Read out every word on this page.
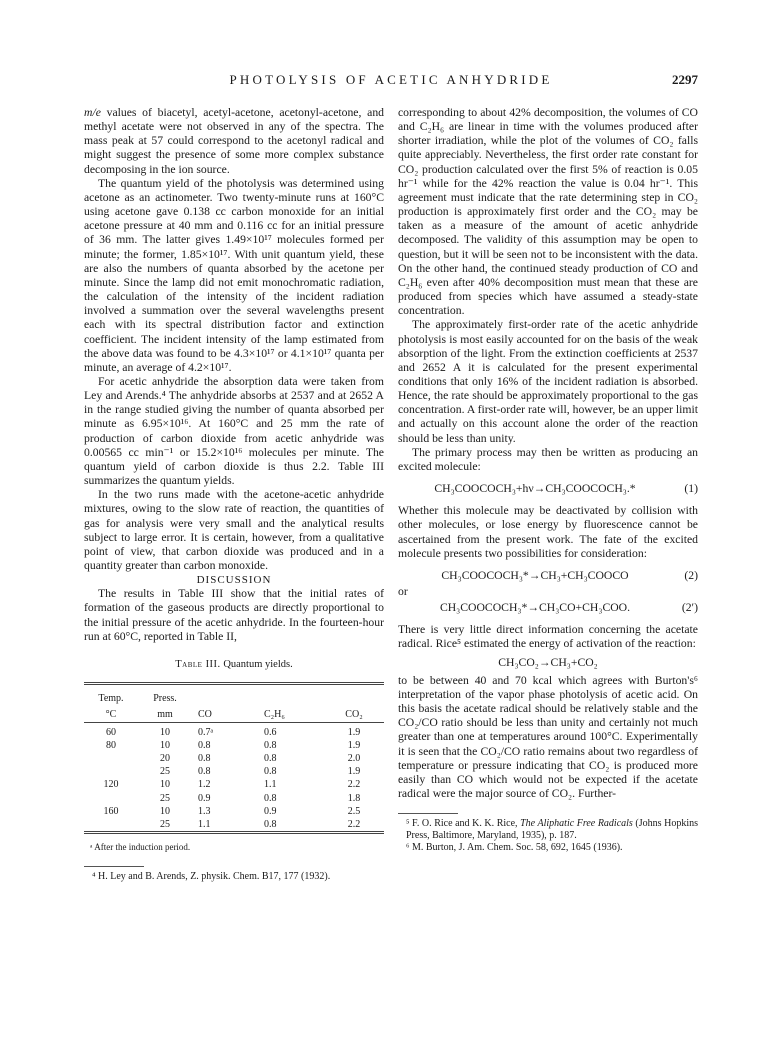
PHOTOLYSIS OF ACETIC ANHYDRIDE	2297

m/e values of biacetyl, acetyl-acetone, acetonyl-acetone, and methyl acetate were not observed in any of the spectra. The mass peak at 57 could correspond to the acetonyl radical and might suggest the presence of some more complex substance decomposing in the ion source.

The quantum yield of the photolysis was determined using acetone as an actinometer. Two twenty-minute runs at 160°C using acetone gave 0.138 cc carbon monoxide for an initial acetone pressure at 40 mm and 0.116 cc for an initial pressure of 36 mm. The latter gives 1.49×10¹⁷ molecules formed per minute; the former, 1.85×10¹⁷. With unit quantum yield, these are also the numbers of quanta absorbed by the acetone per minute. Since the lamp did not emit monochromatic radiation, the calculation of the intensity of the incident radiation involved a summation over the several wavelengths present each with its spectral distribution factor and extinction coefficient. The incident intensity of the lamp estimated from the above data was found to be 4.3×10¹⁷ or 4.1×10¹⁷ quanta per minute, an average of 4.2×10¹⁷.

For acetic anhydride the absorption data were taken from Ley and Arends.⁴ The anhydride absorbs at 2537 and at 2652 A in the range studied giving the number of quanta absorbed per minute as 6.95×10¹⁶. At 160°C and 25 mm the rate of production of carbon dioxide from acetic anhydride was 0.00565 cc min⁻¹ or 15.2×10¹⁶ molecules per minute. The quantum yield of carbon dioxide is thus 2.2. Table III summarizes the quantum yields.

In the two runs made with the acetone-acetic anhydride mixtures, owing to the slow rate of reaction, the quantities of gas for analysis were very small and the analytical results subject to large error. It is certain, however, from a qualitative point of view, that carbon dioxide was produced and in a quantity greater than carbon monoxide.

DISCUSSION

The results in Table III show that the initial rates of formation of the gaseous products are directly proportional to the initial pressure of the acetic anhydride. In the fourteen-hour run at 60°C, reported in Table II,

Table III. Quantum yields.

Temp.	Press.			
°C	mm	CO	C₂H₆	CO₂
60	10	0.7ᵃ	0.6	1.9
80	10	0.8	0.8	1.9
	20	0.8	0.8	2.0
	25	0.8	0.8	1.9
120	10	1.2	1.1	2.2
	25	0.9	0.8	1.8
160	10	1.3	0.9	2.5
	25	1.1	0.8	2.2

ᵃ After the induction period.
⁴ H. Ley and B. Arends, Z. physik. Chem. B17, 177 (1932).

corresponding to about 42% decomposition, the volumes of CO and C₂H₆ are linear in time with the volumes produced after shorter irradiation, while the plot of the volumes of CO₂ falls quite appreciably. Nevertheless, the first order rate constant for CO₂ production calculated over the first 5% of reaction is 0.05 hr⁻¹ while for the 42% reaction the value is 0.04 hr⁻¹. This agreement must indicate that the rate determining step in CO₂ production is approximately first order and the CO₂ may be taken as a measure of the amount of acetic anhydride decomposed. The validity of this assumption may be open to question, but it will be seen not to be inconsistent with the data. On the other hand, the continued steady production of CO and C₂H₆ even after 40% decomposition must mean that these are produced from species which have assumed a steady-state concentration.

The approximately first-order rate of the acetic anhydride photolysis is most easily accounted for on the basis of the weak absorption of the light. From the extinction coefficients at 2537 and 2652 A it is calculated for the present experimental conditions that only 16% of the incident radiation is absorbed. Hence, the rate should be approximately proportional to the gas concentration. A first-order rate will, however, be an upper limit and actually on this account alone the order of the reaction should be less than unity.

The primary process may then be written as producing an excited molecule:

CH₃COOCOCH₃+hν→CH₃COOCOCH₃.*	(1)

Whether this molecule may be deactivated by collision with other molecules, or lose energy by fluorescence cannot be ascertained from the present work. The fate of the excited molecule presents two possibilities for consideration:

CH₃COOCOCH₃*→CH₃+CH₃COOCO	(2)
or
CH₃COOCOCH₃*→CH₃CO+CH₃COO.	(2′)

There is very little direct information concerning the acetate radical. Rice⁵ estimated the energy of activation of the reaction:

CH₃CO₂→CH₃+CO₂

to be between 40 and 70 kcal which agrees with Burton's⁶ interpretation of the vapor phase photolysis of acetic acid. On this basis the acetate radical should be relatively stable and the CO₂/CO ratio should be less than unity and certainly not much greater than one at temperatures around 100°C. Experimentally it is seen that the CO₂/CO ratio remains about two regardless of temperature or pressure indicating that CO₂ is produced more easily than CO which would not be expected if the acetate radical were the major source of CO₂. Further-

⁵ F. O. Rice and K. K. Rice, The Aliphatic Free Radicals (Johns Hopkins Press, Baltimore, Maryland, 1935), p. 187.
⁶ M. Burton, J. Am. Chem. Soc. 58, 692, 1645 (1936).
